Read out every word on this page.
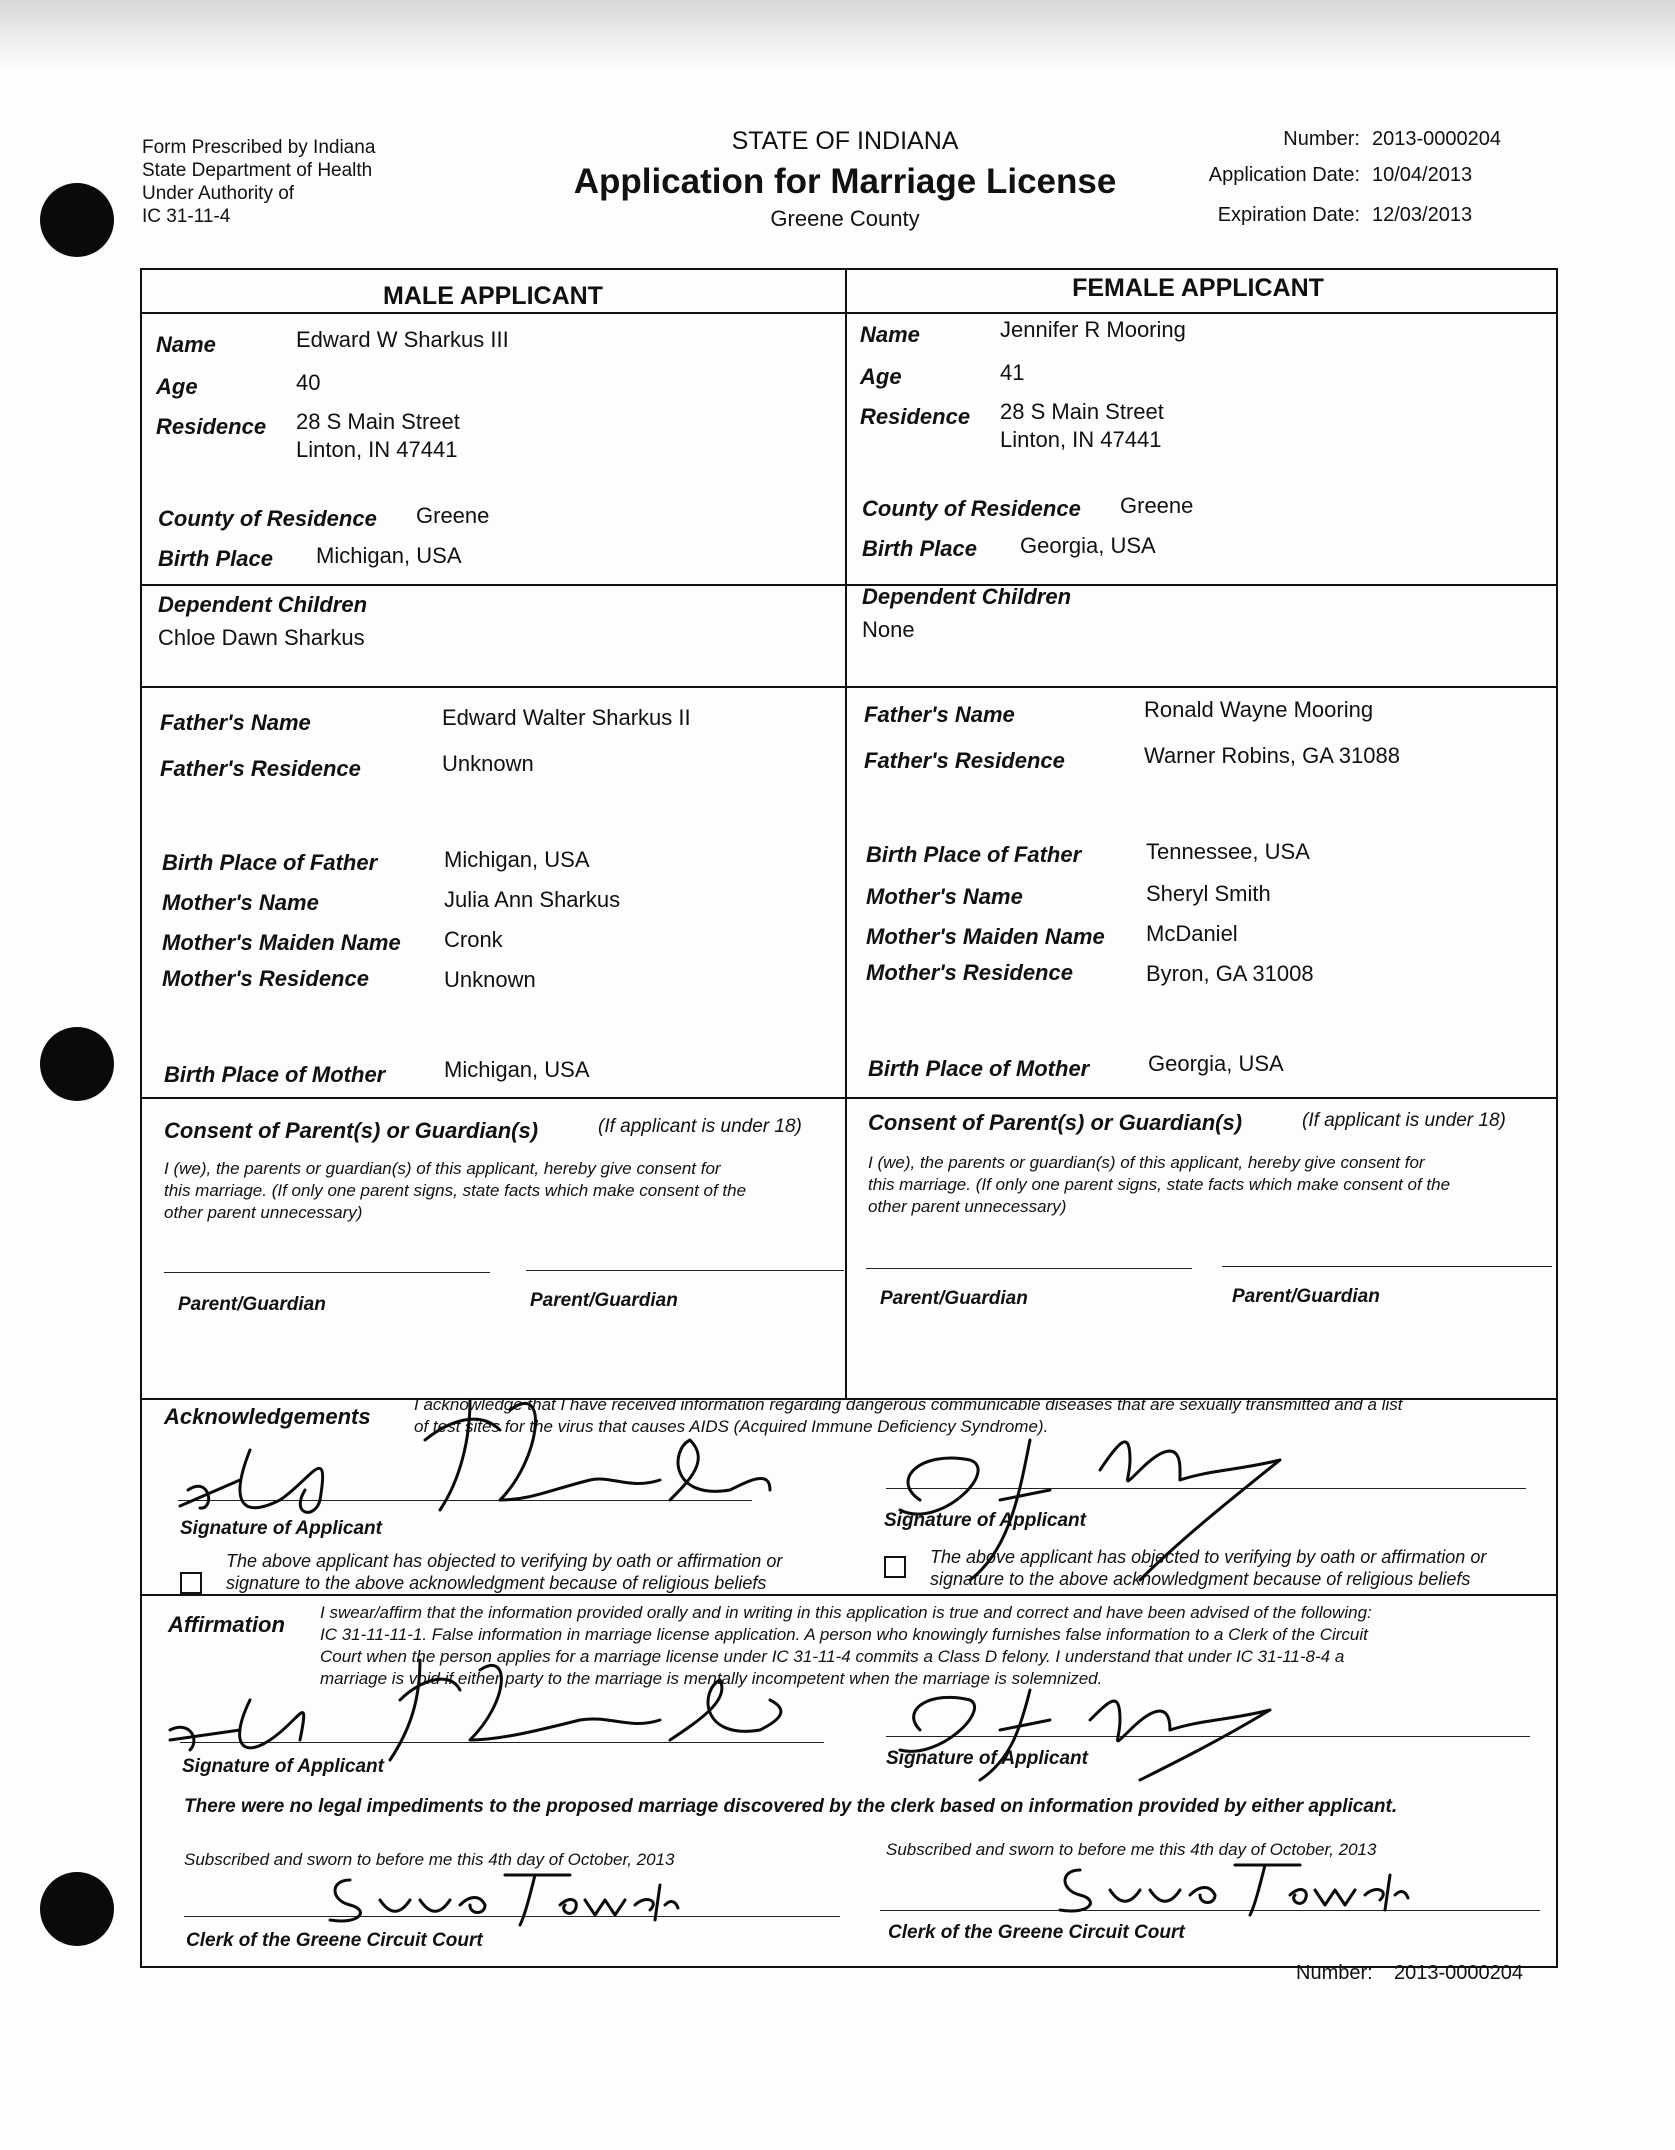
Form Prescribed by Indiana
State Department of Health
Under Authority of
IC 31-11-4
STATE OF INDIANA
Application for Marriage License
Greene County
Number: 2013-0000204
Application Date: 10/04/2013
Expiration Date: 12/03/2013
MALE APPLICANT	FEMALE APPLICANT
Name	Edward W Sharkus III
Age	40
Residence 28 S Main Street
Linton, IN 47441
County of Residence Greene
Birth Place Michigan, USA
Dependent Children
Chloe Dawn Sharkus
Father's Name	Edward Walter Sharkus II
Father's Residence	Unknown
Birth Place of Father	Michigan, USA
Mother's Name	Julia Ann Sharkus
Mother's Maiden Name Cronk
Mother's Residence	Unknown
Birth Place of Mother	Michigan, USA
Name	Jennifer R Mooring
Age	41
Residence 28 S Main Street
Linton, IN 47441
County of Residence Greene
Birth Place Georgia, USA
Dependent Children
None
Father's Name	Ronald Wayne Mooring
Father's Residence	Warner Robins, GA 31088
Birth Place of Father	Tennessee, USA
Mother's Name	Sheryl Smith
Mother's Maiden Name McDaniel
Mother's Residence	Byron, GA 31008
Birth Place of Mother	Georgia, USA
Consent of Parent(s) or Guardian(s)	(If applicant is under 18)
I (we), the parents or guardian(s) of this applicant, hereby give consent for
this marriage. (If only one parent signs, state facts which make consent of the
other parent unnecessary)
Parent/Guardian	Parent/Guardian
Consent of Parent(s) or Guardian(s)	(If applicant is under 18)
I (we), the parents or guardian(s) of this applicant, hereby give consent for
this marriage. (If only one parent signs, state facts which make consent of the
other parent unnecessary)
Parent/Guardian	Parent/Guardian
Acknowledgements	I acknowledge that I have received information regarding dangerous communicable diseases that are sexually transmitted and a list
of test sites for the virus that causes AIDS (Acquired Immune Deficiency Syndrome).
Signature of Applicant	Signature of Applicant
The above applicant has objected to verifying by oath or affirmation or
signature to the above acknowledgment because of religious beliefs
The above applicant has objected to verifying by oath or affirmation or
signature to the above acknowledgment because of religious beliefs
Affirmation I swear/affirm that the information provided orally and in writing in this application is true and correct and have been advised of the following:
IC 31-11-11-1. False information in marriage license application. A person who knowingly furnishes false information to a Clerk of the Circuit
Court when the person applies for a marriage license under IC 31-11-4 commits a Class D felony. I understand that under IC 31-11-8-4 a
marriage is void if either party to the marriage is mentally incompetent when the marriage is solemnized.
Signature of Applicant	Signature of Applicant
There were no legal impediments to the proposed marriage discovered by the clerk based on information provided by either applicant.
Subscribed and sworn to before me this 4th day of October, 2013
Subscribed and sworn to before me this 4th day of October, 2013
Clerk of the Greene Circuit Court	Clerk of the Greene Circuit Court
Number: 2013-0000204
